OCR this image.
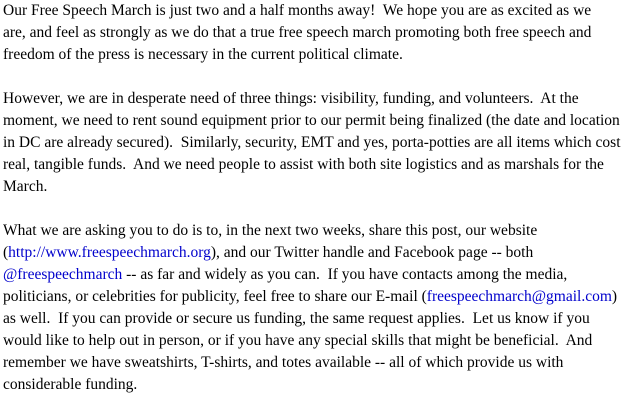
Our Free Speech March is just two and a half months away!  We hope you are as excited as we
are, and feel as strongly as we do that a true free speech march promoting both free speech and
freedom of the press is necessary in the current political climate.

However, we are in desperate need of three things: visibility, funding, and volunteers.  At the
moment, we need to rent sound equipment prior to our permit being finalized (the date and location
in DC are already secured).  Similarly, security, EMT and yes, porta-potties are all items which cost
real, tangible funds.  And we need people to assist with both site logistics and as marshals for the
March.

What we are asking you to do is to, in the next two weeks, share this post, our website
(http://www.freespeechmarch.org), and our Twitter handle and Facebook page -- both
@freespeechmarch -- as far and widely as you can.  If you have contacts among the media,
politicians, or celebrities for publicity, feel free to share our E-mail (freespeechmarch@gmail.com)
as well.  If you can provide or secure us funding, the same request applies.  Let us know if you
would like to help out in person, or if you have any special skills that might be beneficial.  And
remember we have sweatshirts, T-shirts, and totes available -- all of which provide us with
considerable funding.
